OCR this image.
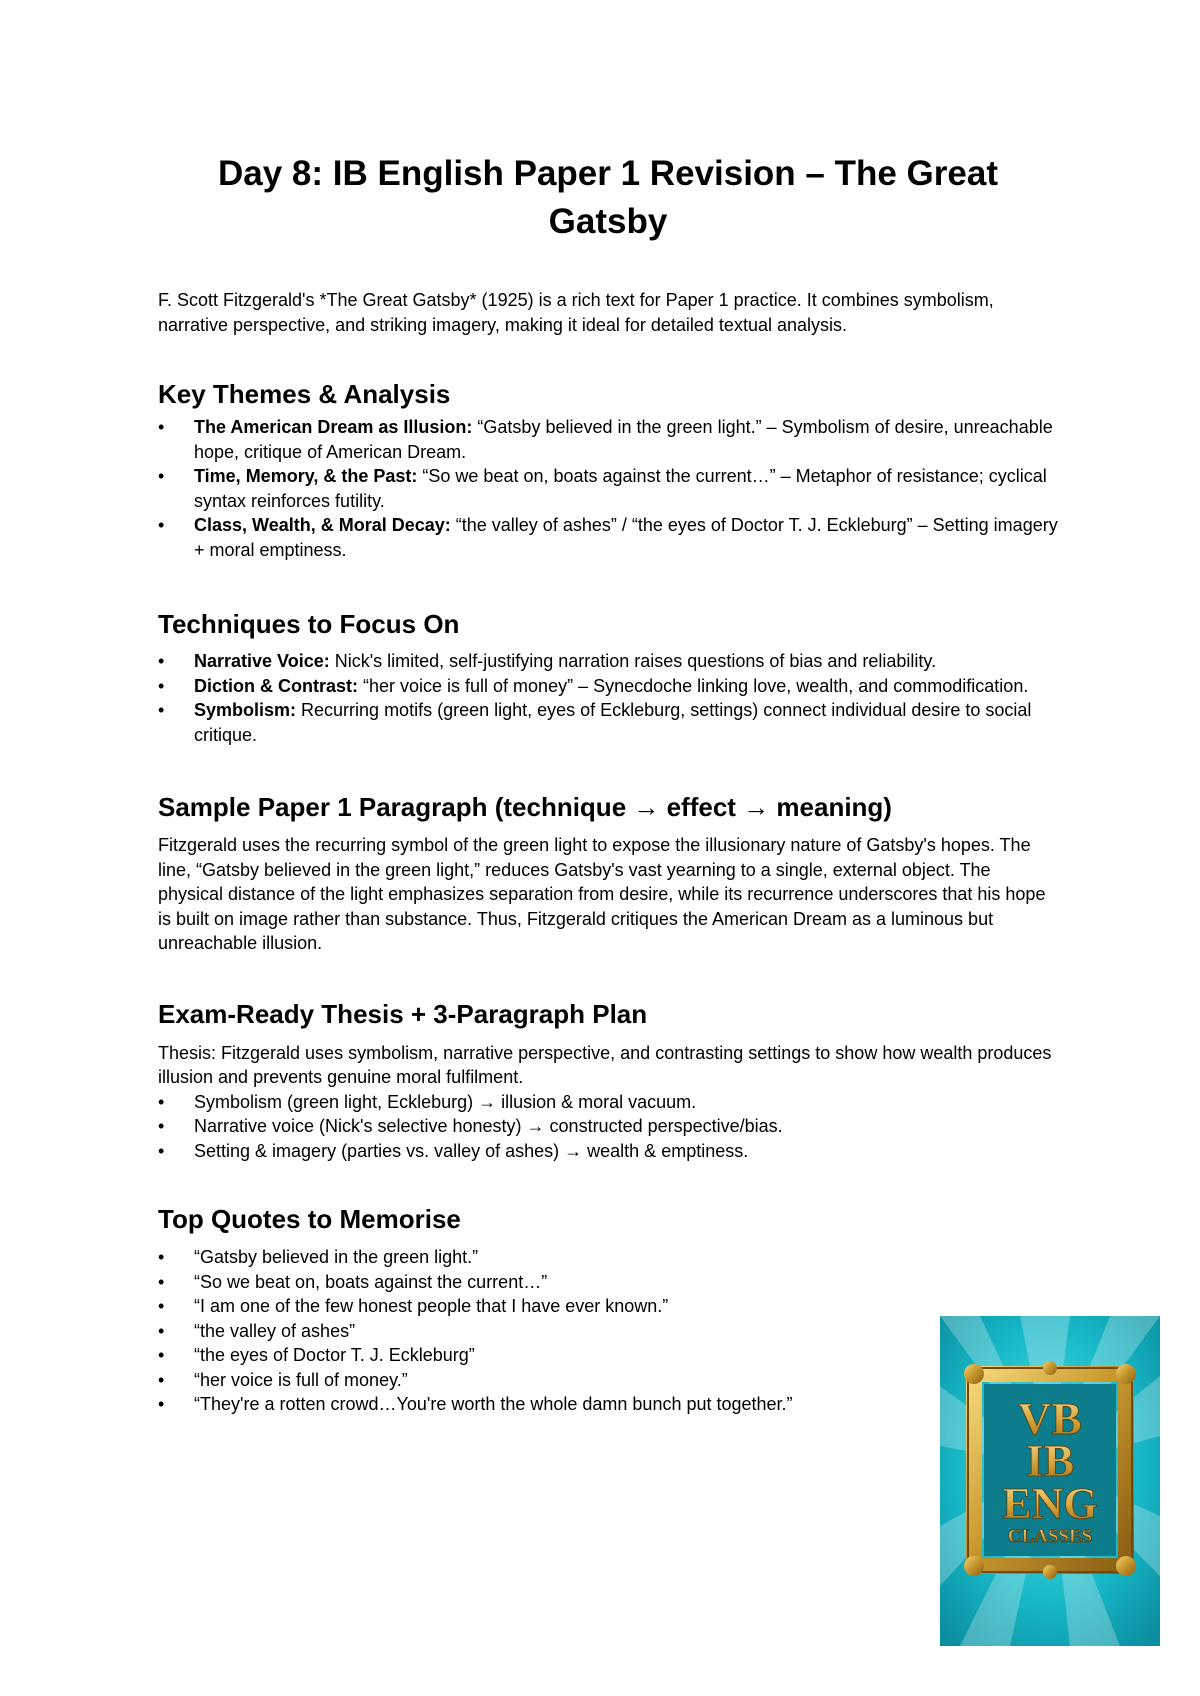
Day 8: IB English Paper 1 Revision – The Great Gatsby

F. Scott Fitzgerald's *The Great Gatsby* (1925) is a rich text for Paper 1 practice. It combines symbolism, narrative perspective, and striking imagery, making it ideal for detailed textual analysis.

Key Themes & Analysis
•	The American Dream as Illusion: “Gatsby believed in the green light.” – Symbolism of desire, unreachable hope, critique of American Dream.
•	Time, Memory, & the Past: “So we beat on, boats against the current…” – Metaphor of resistance; cyclical syntax reinforces futility.
•	Class, Wealth, & Moral Decay: “the valley of ashes” / “the eyes of Doctor T. J. Eckleburg” – Setting imagery + moral emptiness.
Techniques to Focus On
•	Narrative Voice: Nick's limited, self-justifying narration raises questions of bias and reliability.
•	Diction & Contrast: “her voice is full of money” – Synecdoche linking love, wealth, and commodification.
•	Symbolism: Recurring motifs (green light, eyes of Eckleburg, settings) connect individual desire to social critique.
Sample Paper 1 Paragraph (technique → effect → meaning)

Fitzgerald uses the recurring symbol of the green light to expose the illusionary nature of Gatsby's hopes. The line, “Gatsby believed in the green light,” reduces Gatsby's vast yearning to a single, external object. The physical distance of the light emphasizes separation from desire, while its recurrence underscores that his hope is built on image rather than substance. Thus, Fitzgerald critiques the American Dream as a luminous but unreachable illusion.

Exam-Ready Thesis + 3-Paragraph Plan

Thesis: Fitzgerald uses symbolism, narrative perspective, and contrasting settings to show how wealth produces illusion and prevents genuine moral fulfilment.

•	Symbolism (green light, Eckleburg) → illusion & moral vacuum.
•	Narrative voice (Nick's selective honesty) → constructed perspective/bias.
•	Setting & imagery (parties vs. valley of ashes) → wealth & emptiness.
Top Quotes to Memorise
•	“Gatsby believed in the green light.”
•	“So we beat on, boats against the current…”
•	“I am one of the few honest people that I have ever known.”
•	“the valley of ashes”
•	“the eyes of Doctor T. J. Eckleburg”
•	“her voice is full of money.”
•	“They're a rotten crowd…You're worth the whole damn bunch put together.”	VB
IB
ENG
CLASSES
